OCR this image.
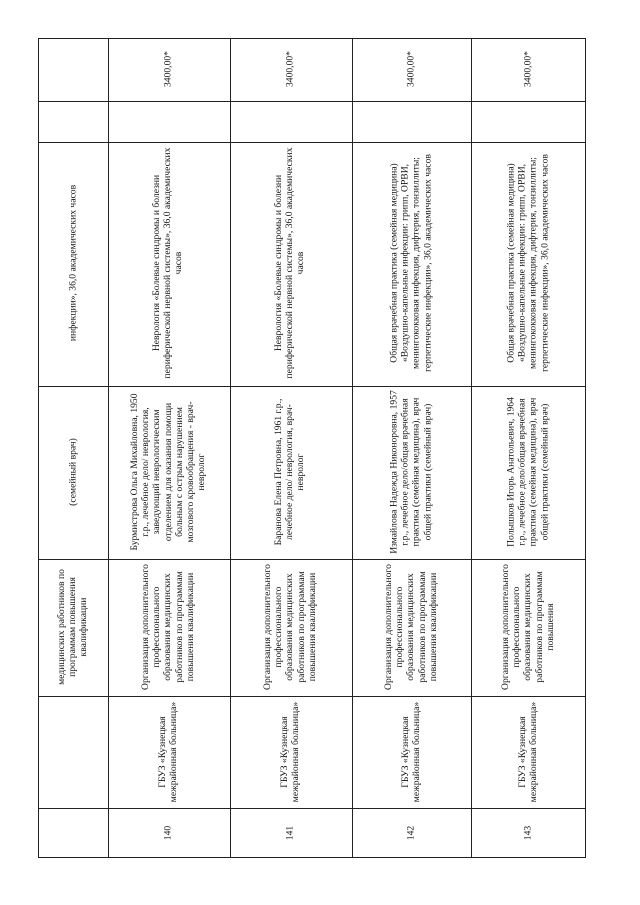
инфекции», 36,0 академических часов
(семейный врач)
медицинских работников по программам повышения квалификации
3400,00*
Неврология «Болевые синдромы и болезни периферической нервной системы», 36,0 академических часов
Бурмистрова Ольга Михайловна, 1950 г.р., лечебное дело/ неврология, заведующий неврологическим отделением для оказания помощи больным с острым нарушением мозгового кровообращения - врач-невролог
Организация дополнительного профессионального образования медицинских работников по программам повышения квалификации
ГБУЗ «Кузнецкая межрайонная больница»
140
3400,00*
Неврология «Болевые синдромы и болезни периферической нервной системы», 36,0 академических часов
Баранова Елена Петровна, 1961 г.р., лечебное дело/ неврология, врач-невролог
Организация дополнительного профессионального образования медицинских работников по программам повышения квалификации
ГБУЗ «Кузнецкая межрайонная больница»
141
3400,00*
Общая врачебная практика (семейная медицина) «Воздушно-капельные инфекции: грипп, ОРВИ, менингококковая инфекция, дифтерия, тонзиллиты; герпетические инфекции», 36,0 академических часов
Измайлова Надежда Никоноровна, 1957 г.р., лечебное дело/общая врачебная практика (семейная медицина), врач общей практики (семейный врач)
Организация дополнительного профессионального образования медицинских работников по программам повышения квалификации
ГБУЗ «Кузнецкая межрайонная больница»
142
3400,00*
Общая врачебная практика (семейная медицина) «Воздушно-капельные инфекции: грипп, ОРВИ, менингококковая инфекция, дифтерия, тонзиллиты; герпетические инфекции», 36,0 академических часов
Полышков Игорь Анатольевич, 1964 г.р., лечебное дело/общая врачебная практика (семейная медицина), врач общей практики (семейный врач)
Организация дополнительного профессионального образования медицинских работников по программам повышения
ГБУЗ «Кузнецкая межрайонная больница»
143
